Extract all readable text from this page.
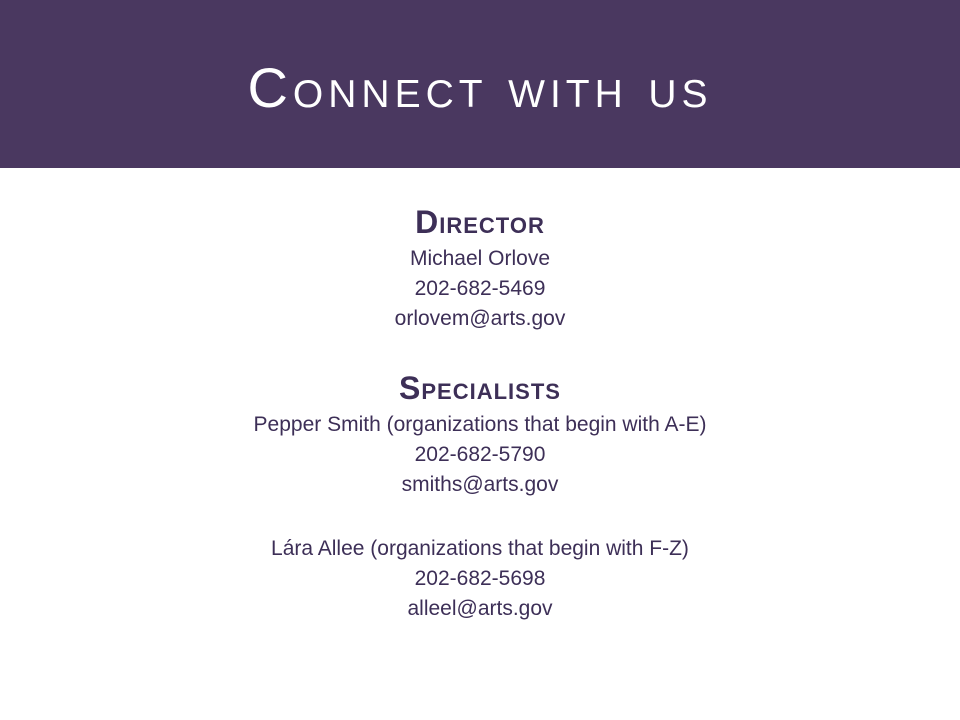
Connect with us
Director

Michael Orlove

202-682-5469

orlovem@arts.gov

Specialists

Pepper Smith (organizations that begin with A-E)

202-682-5790

smiths@arts.gov

Lára Allee (organizations that begin with F-Z)

202-682-5698

alleel@arts.gov
